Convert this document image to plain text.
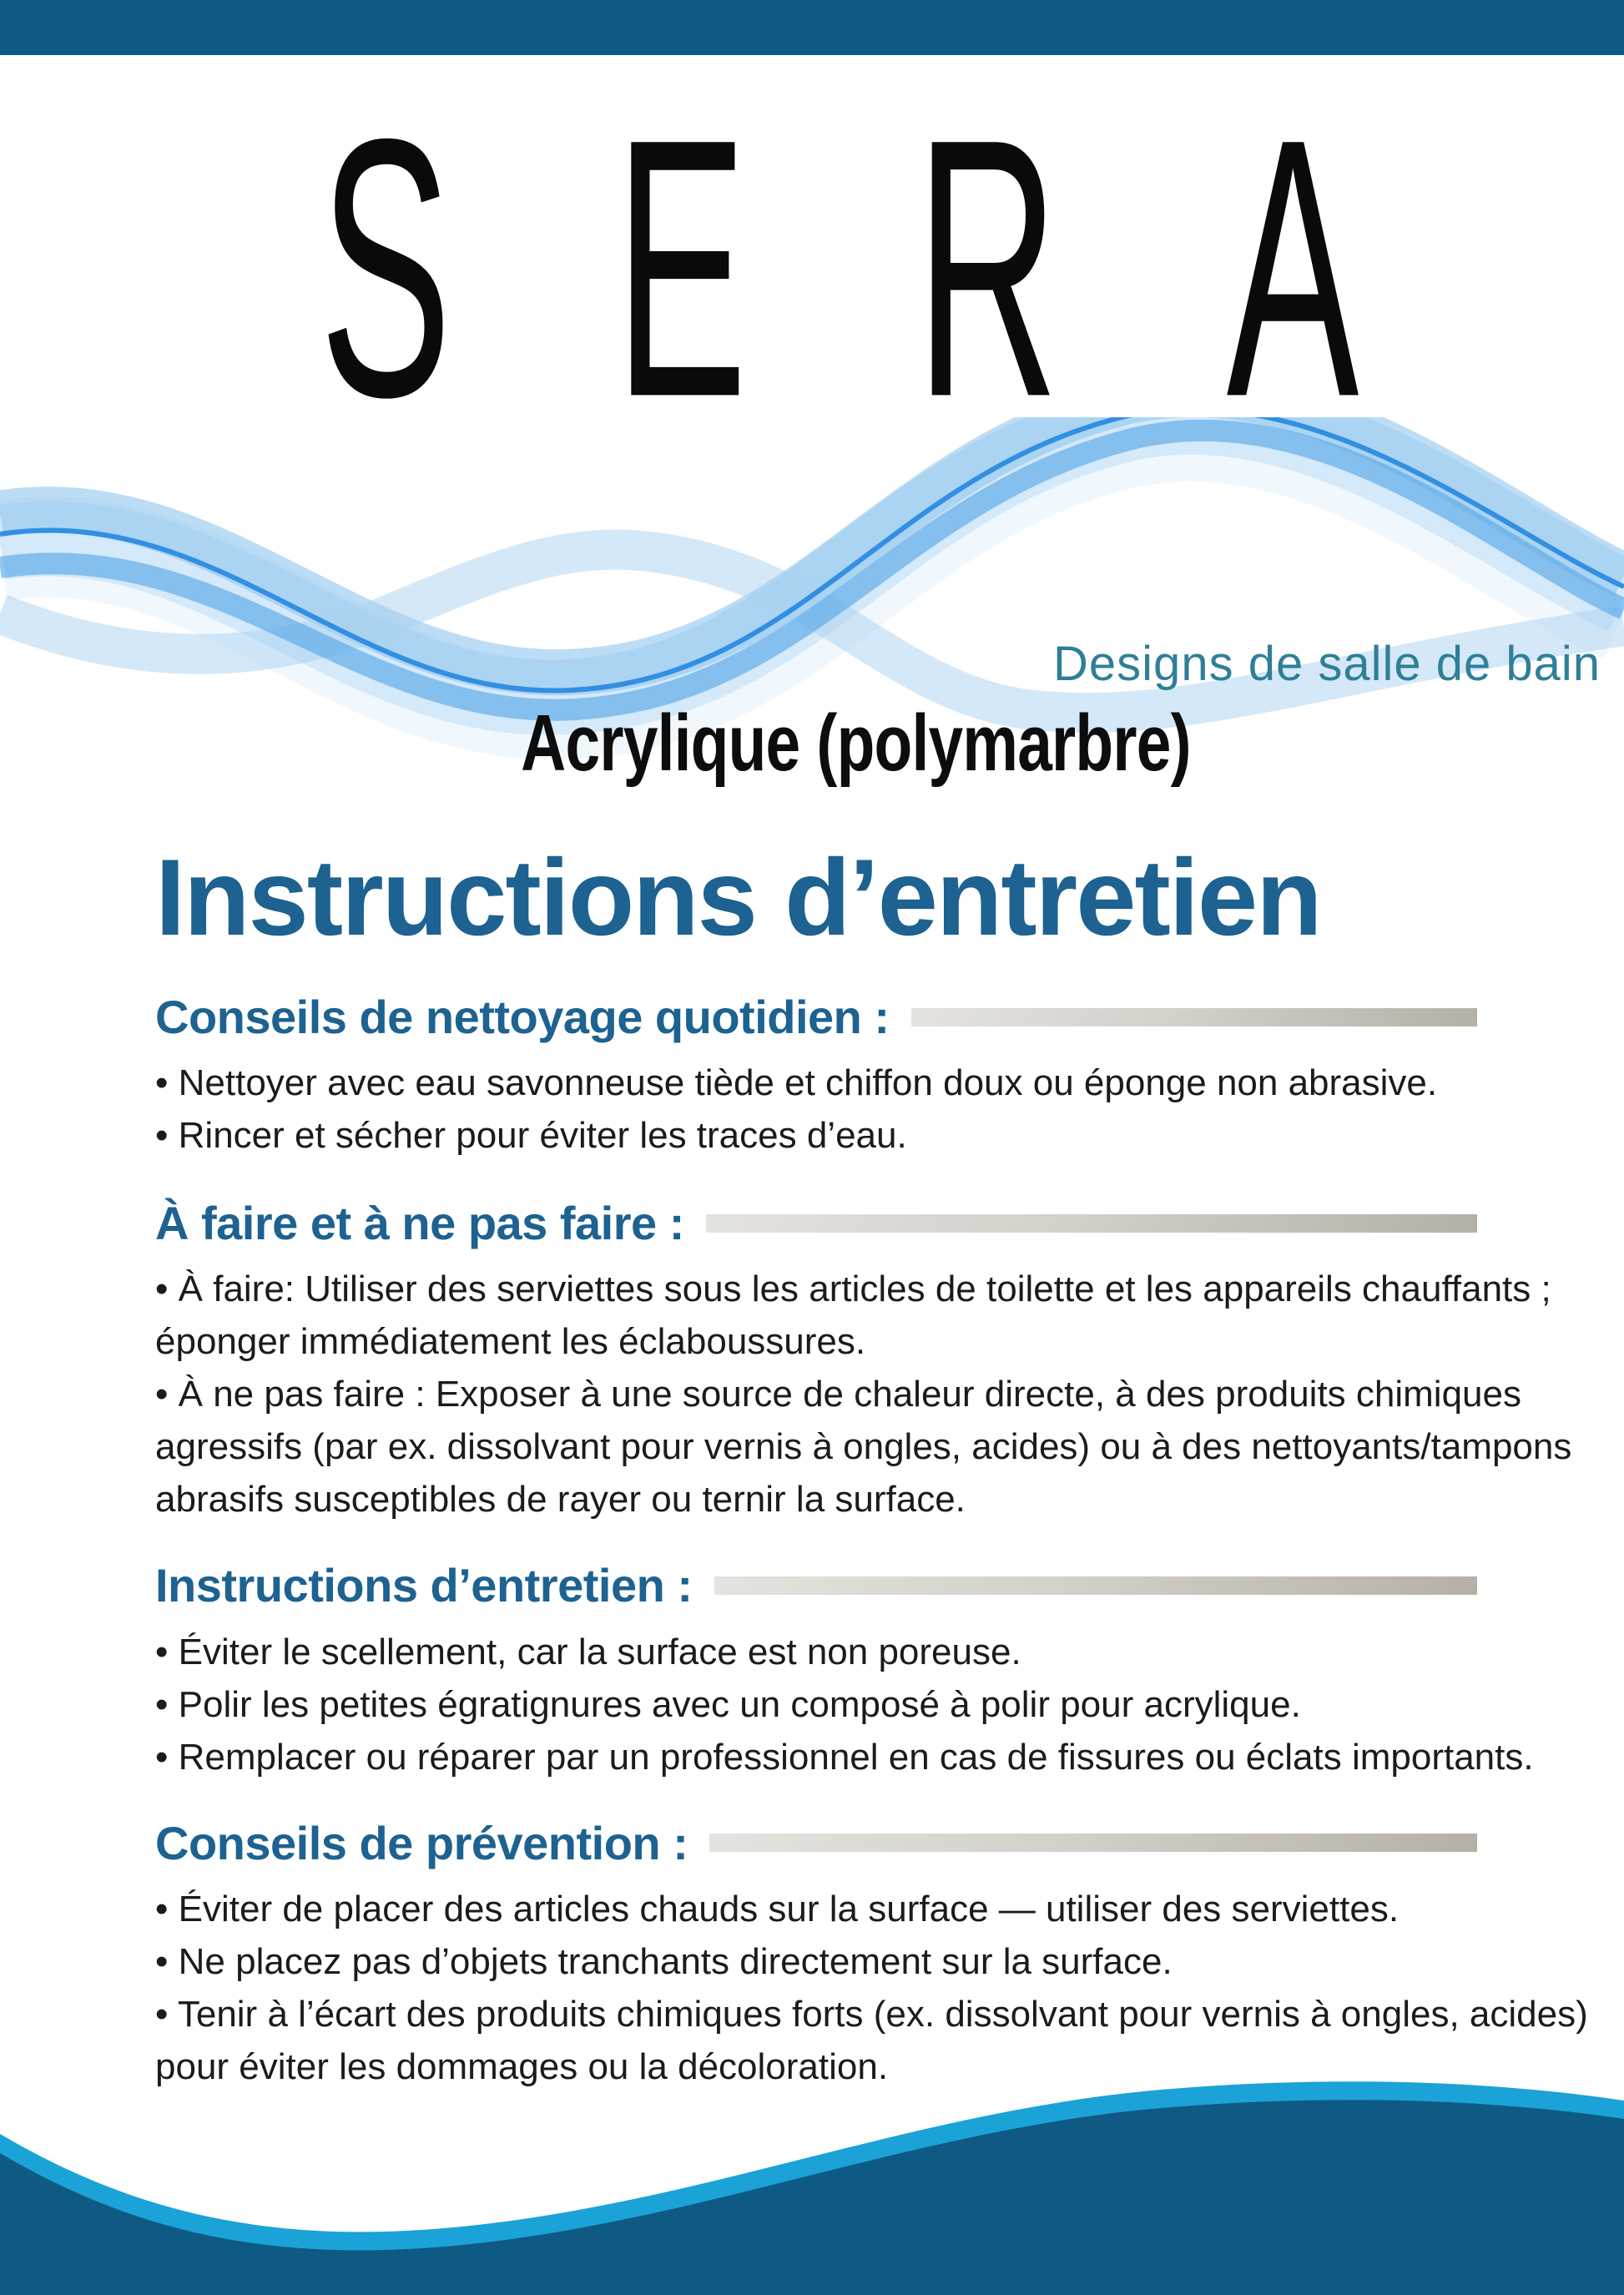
S E R A
Designs de salle de bain
Acrylique (polymarbre)
Instructions d’entretien
Conseils de nettoyage quotidien :

• Nettoyer avec eau savonneuse tiède et chiffon doux ou éponge non abrasive.

• Rincer et sécher pour éviter les traces d’eau.

À faire et à ne pas faire :

• À faire: Utiliser des serviettes sous les articles de toilette et les appareils chauffants ; éponger immédiatement les éclaboussures.

• À ne pas faire : Exposer à une source de chaleur directe, à des produits chimiques agressifs (par ex. dissolvant pour vernis à ongles, acides) ou à des nettoyants/tampons abrasifs susceptibles de rayer ou ternir la surface.

Instructions d’entretien :

• Éviter le scellement, car la surface est non poreuse.

• Polir les petites égratignures avec un composé à polir pour acrylique.

• Remplacer ou réparer par un professionnel en cas de fissures ou éclats importants.

Conseils de prévention :

• Éviter de placer des articles chauds sur la surface — utiliser des serviettes.

• Ne placez pas d’objets tranchants directement sur la surface.

• Tenir à l’écart des produits chimiques forts (ex. dissolvant pour vernis à ongles, acides) pour éviter les dommages ou la décoloration.
